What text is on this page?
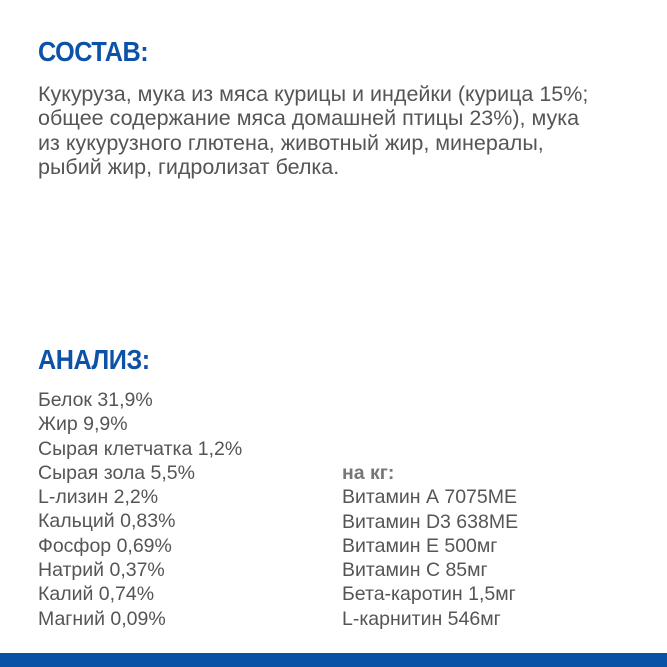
СОСТАВ:
Кукуруза, мука из мяса курицы и индейки (курица 15%; общее содержание мяса домашней птицы 23%), мука из кукурузного глютена, животный жир, минералы, рыбий жир, гидролизат белка.
АНАЛИЗ:
Белок 31,9%
Жир 9,9%
Сырая клетчатка 1,2%
Сырая зола 5,5%
L-лизин 2,2%
Кальций 0,83%
Фосфор 0,69%
Натрий 0,37%
Калий 0,74%
Магний 0,09%
на кг:
Витамин А 7075МЕ
Витамин D3 638МЕ
Витамин Е 500мг
Витамин С 85мг
Бета-каротин 1,5мг
L-карнитин 546мг
